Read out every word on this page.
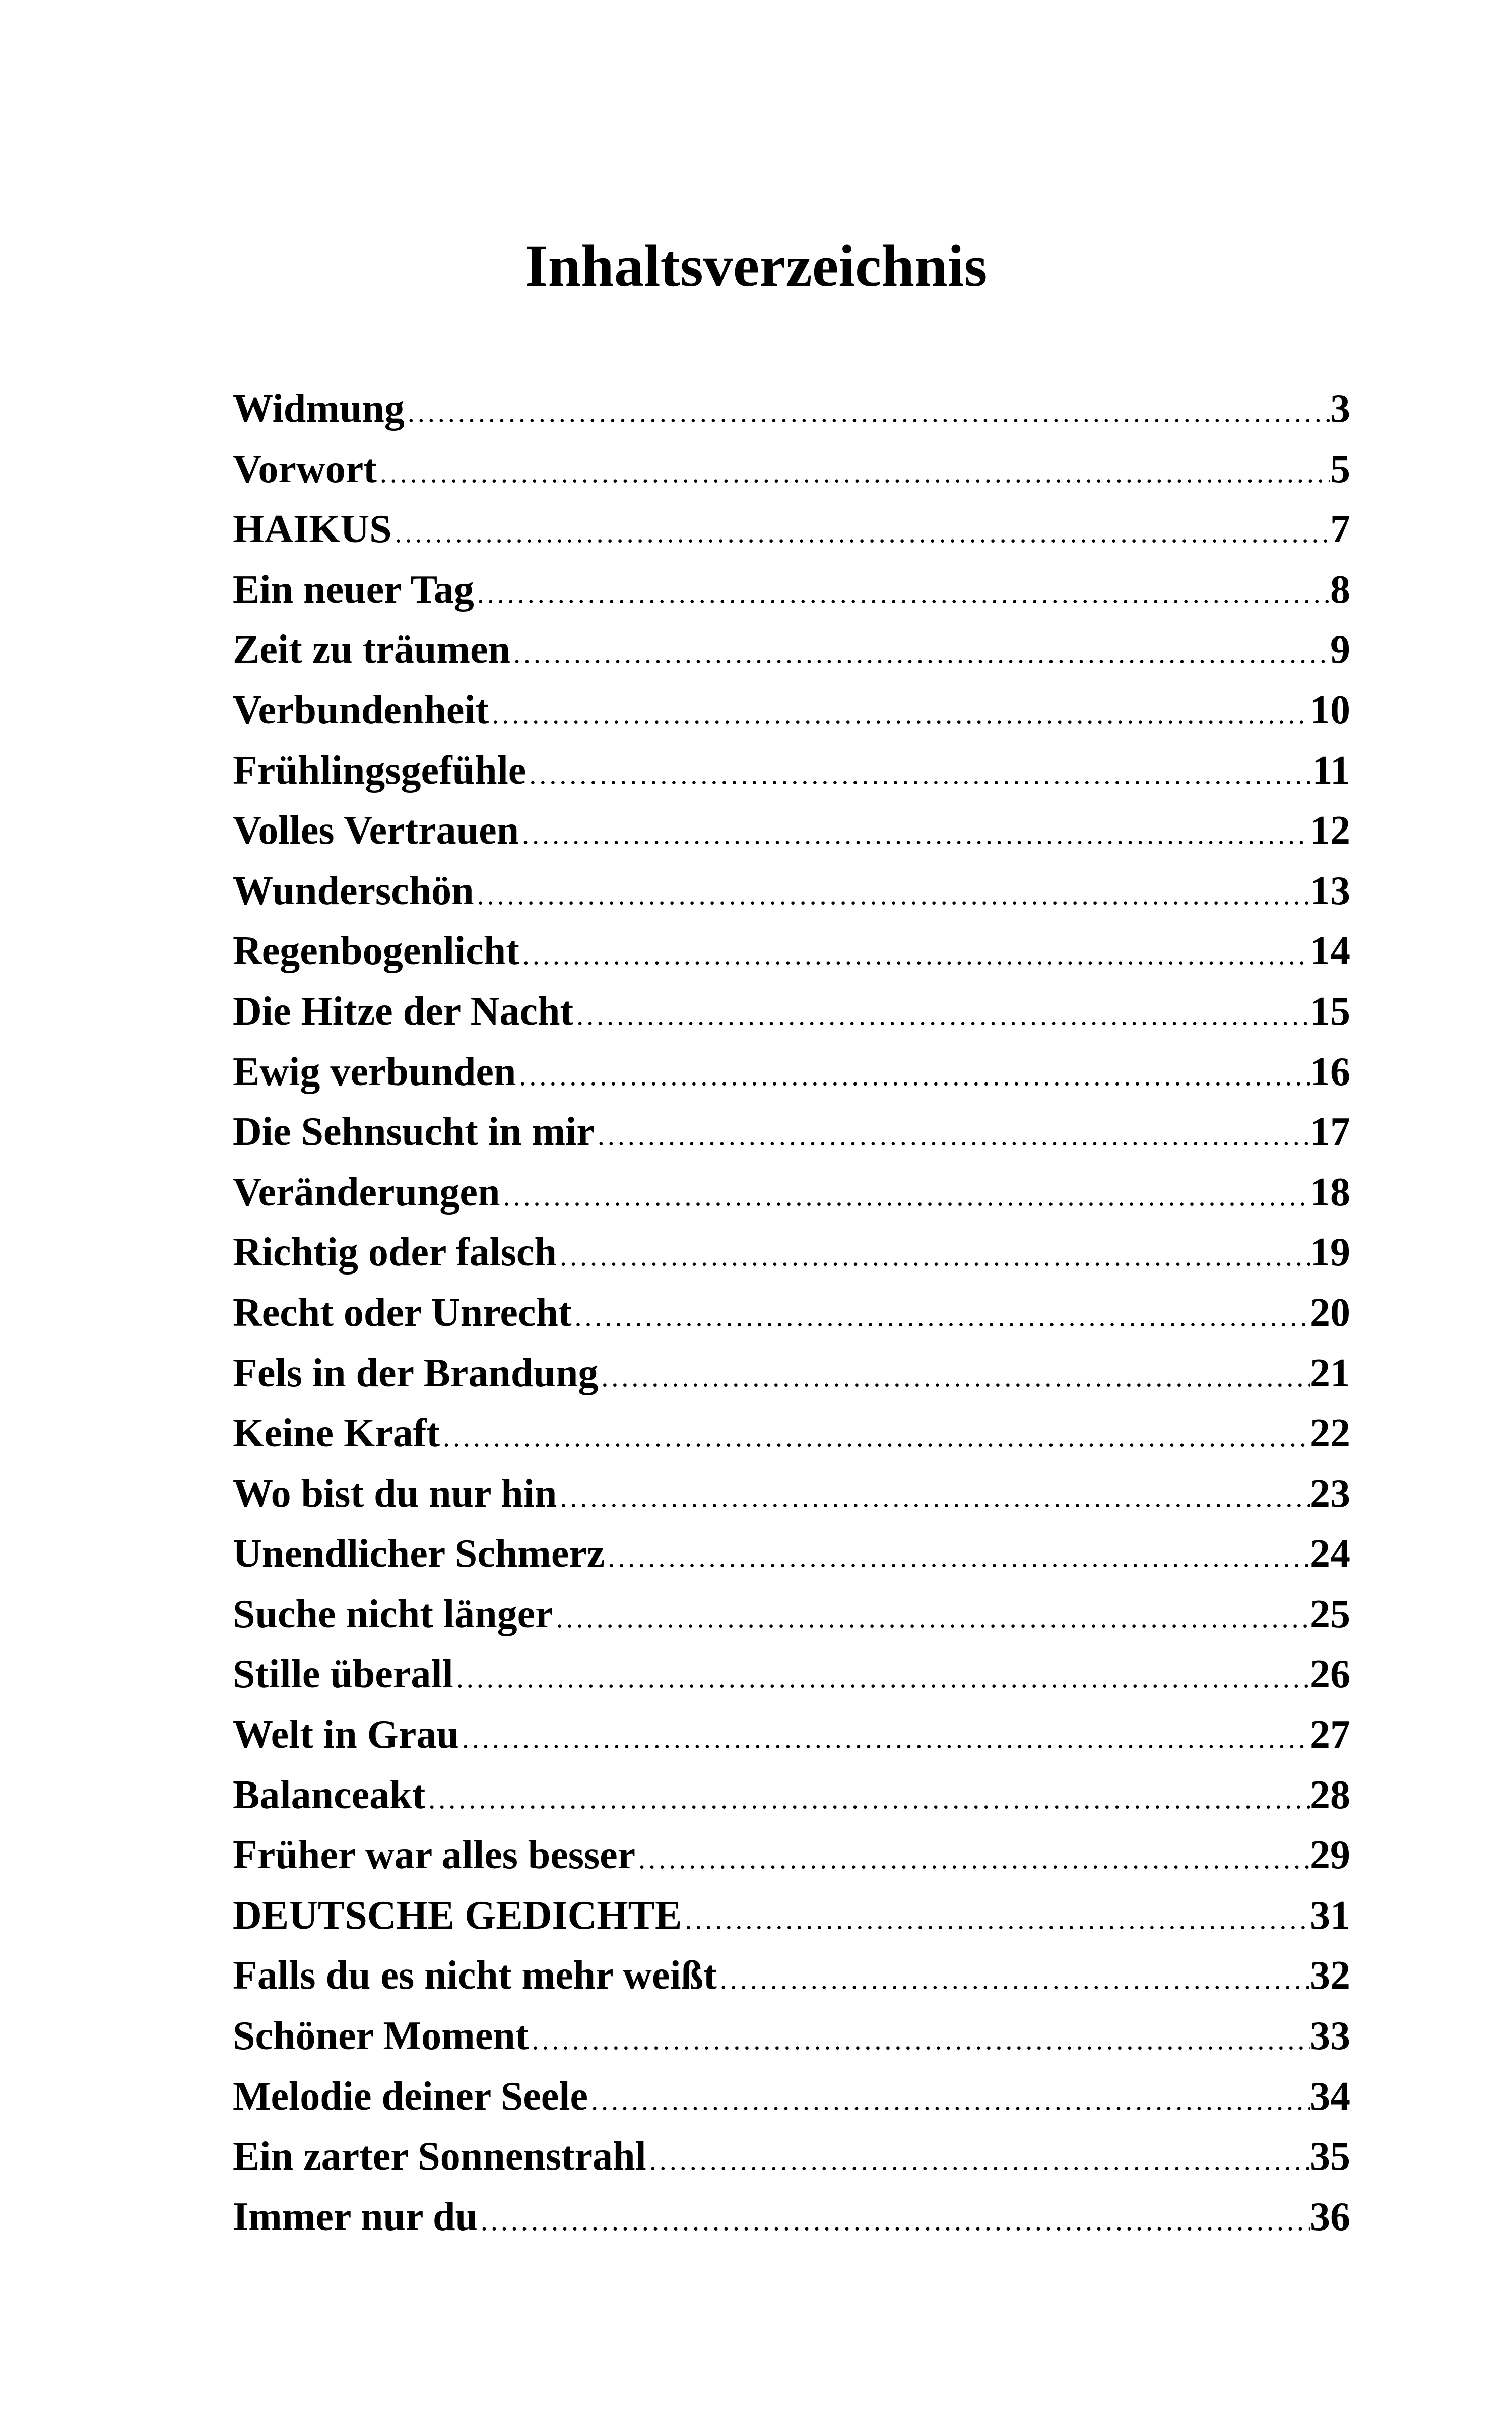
Inhaltsverzeichnis
Widmung .....	3
Vorwort .....	5
HAIKUS .....	7
Ein neuer Tag .....	8
Zeit zu träumen .....	9
Verbundenheit .....	10
Frühlingsgefühle .....	11
Volles Vertrauen .....	12
Wunderschön .....	13
Regenbogenlicht .....	14
Die Hitze der Nacht .....	15
Ewig verbunden .....	16
Die Sehnsucht in mir .....	17
Veränderungen .....	18
Richtig oder falsch .....	19
Recht oder Unrecht .....	20
Fels in der Brandung .....	21
Keine Kraft .....	22
Wo bist du nur hin .....	23
Unendlicher Schmerz .....	24
Suche nicht länger .....	25
Stille überall .....	26
Welt in Grau .....	27
Balanceakt .....	28
Früher war alles besser .....	29
DEUTSCHE GEDICHTE .....	31
Falls du es nicht mehr weißt .....	32
Schöner Moment .....	33
Melodie deiner Seele .....	34
Ein zarter Sonnenstrahl .....	35
Immer nur du .....	36
